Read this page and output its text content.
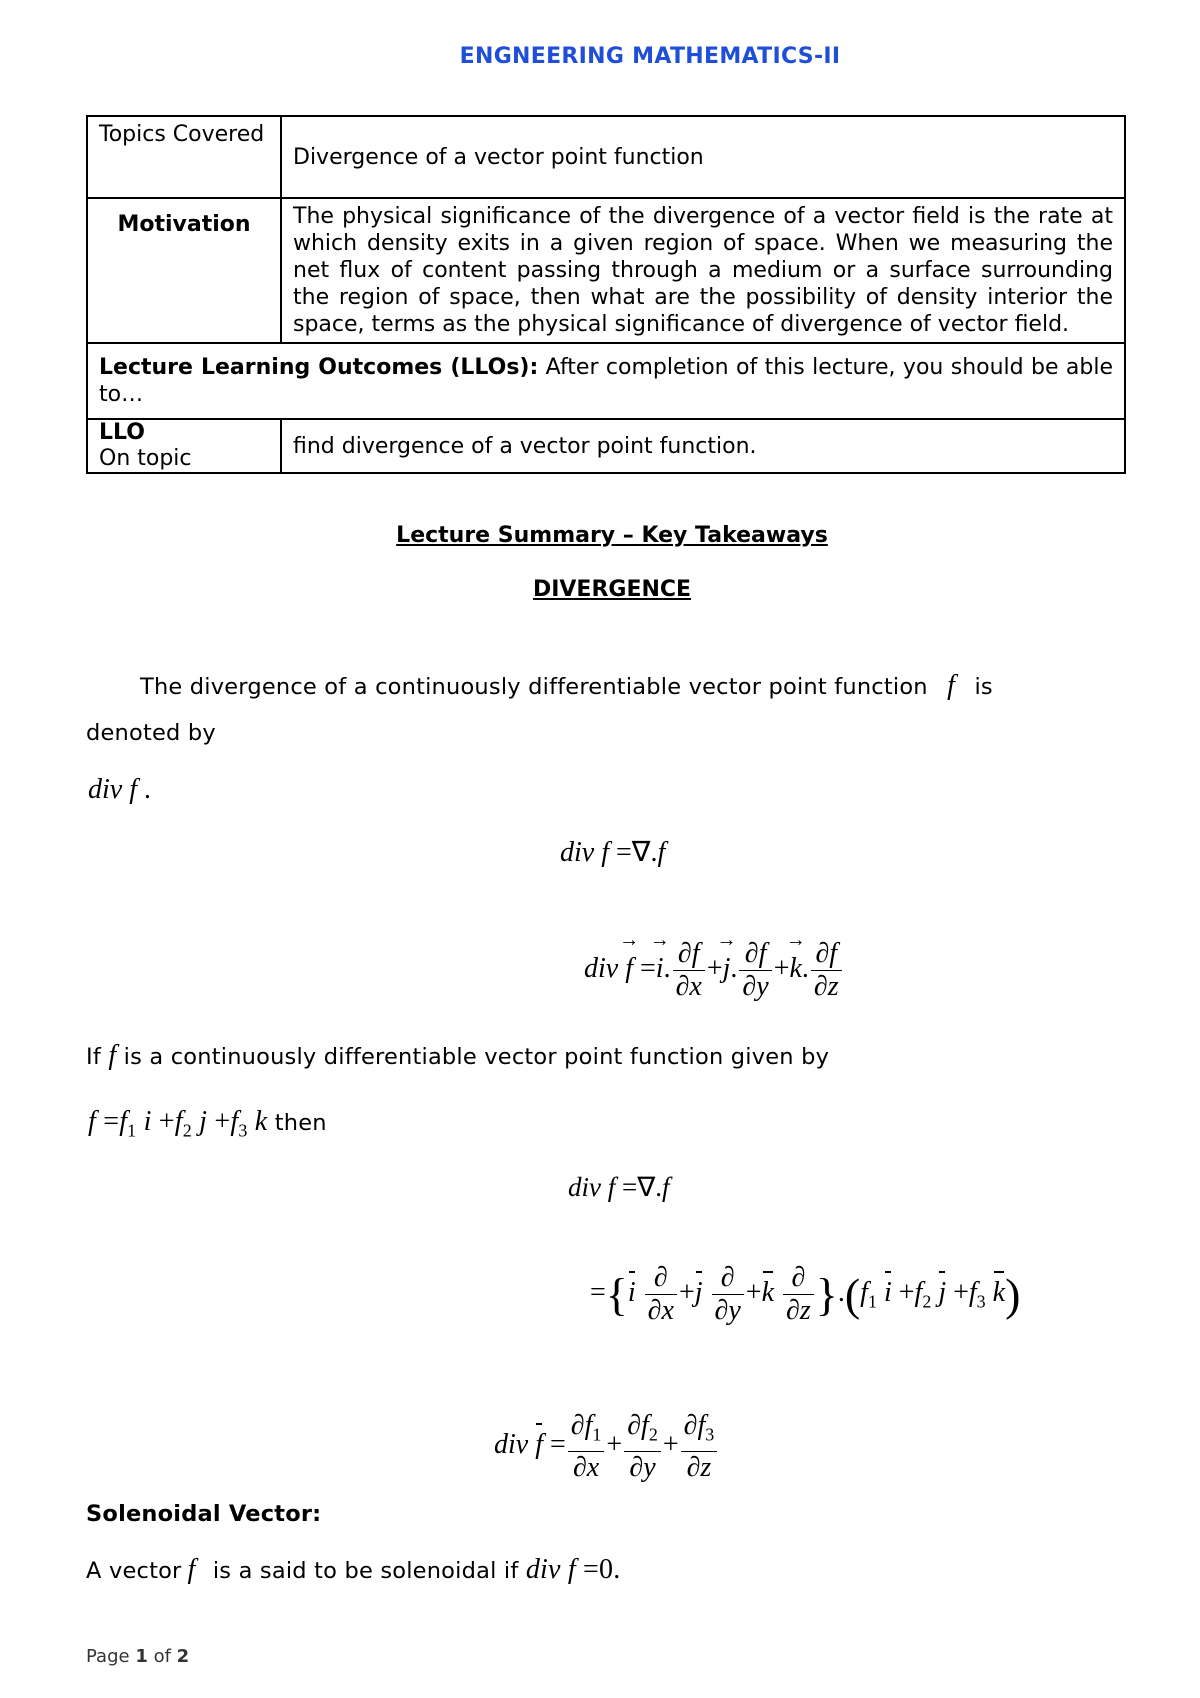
ENGNEERING MATHEMATICS-II
Topics Covered	Divergence of a vector point function
Motivation	The physical significance of the divergence of a vector field is the rate at which density exits in a given region of space. When we measuring the net flux of content passing through a medium or a surface surrounding the region of space, then what are the possibility of density interior the space, terms as the physical significance of divergence of vector field.
Lecture Learning Outcomes (LLOs): After completion of this lecture, you should be able to…	
LLO
On topic	find divergence of a vector point function.
Lecture Summary – Key Takeaways
DIVERGENCE
The divergence of a continuously differentiable vector point function f is
denoted by
div f .
div f =∇.f
div → f =→ i. $\frac{\partial f}{\partial x} +\to j$. $\frac{\partial f}{\partial y} +\to k$. $\frac{\partial f}{\partial z}$
If f is a continuously differentiable vector point function given by
$f =f_1$ $i +f_2$ $j +f_3$ k then
div f =∇.f
$=\{i \frac{\partial}{\partial x} +j \frac{\partial}{\partial y} +k \frac{\partial}{\partial z} \}.(f_1$ $i +f_2$ $j +f_3$ k)
div $f = \frac{\partial f_1}{\partial x} + \frac{\partial f_2}{\partial y} + \frac{\partial f_3}{\partial z}$
Solenoidal Vector:
A vector f is a said to be solenoidal if div f =0.
Page 1 of 2
